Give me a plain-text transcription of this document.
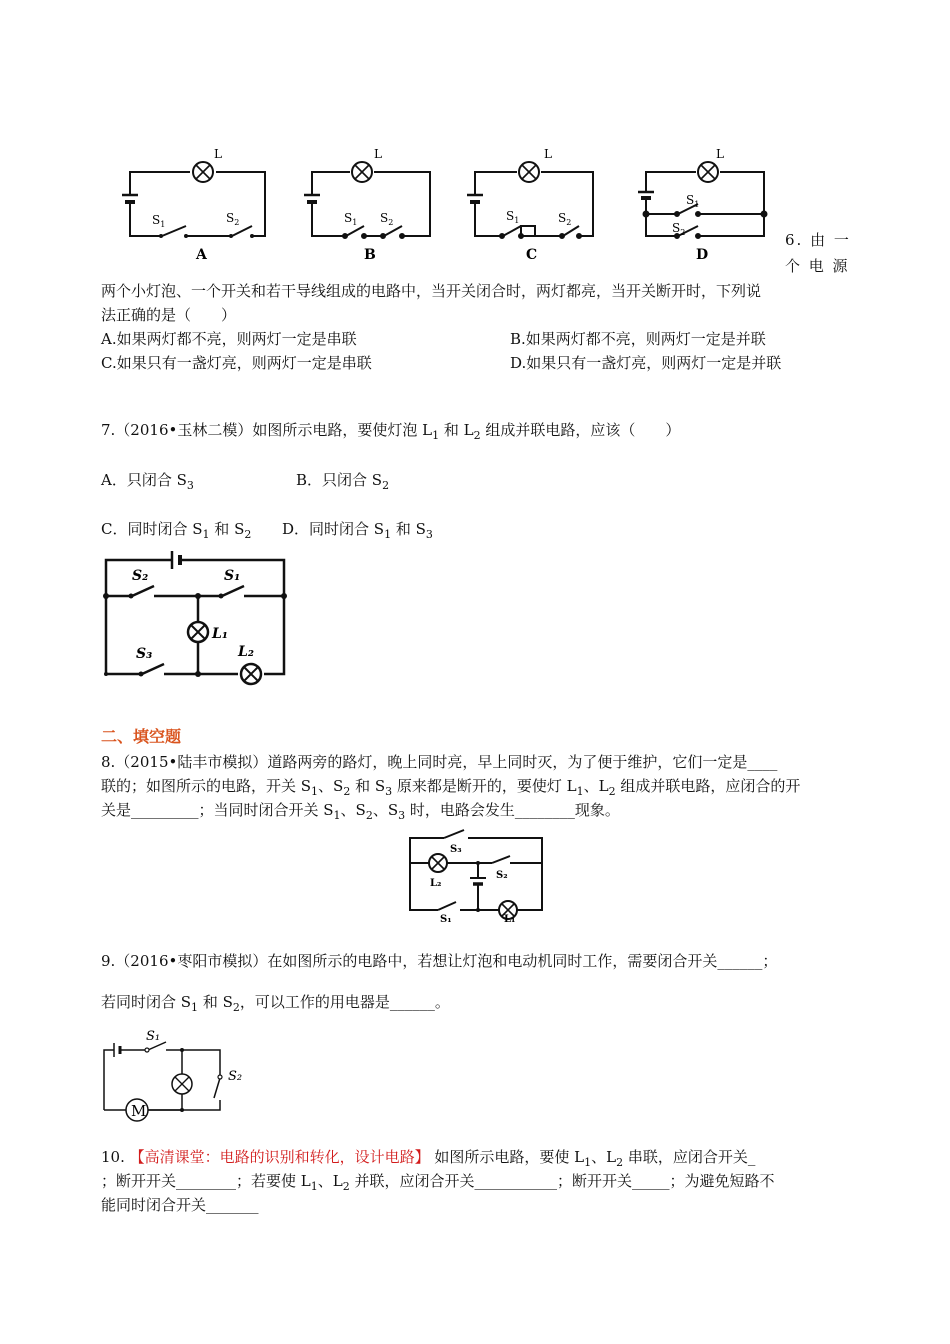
L
$S_1$	$S_2$
A
L
$S_1$ $S_2$
B
L
$S_1$	$S_2$
C
L
$S_1$
$S_2$
D
6. 由 一
个 电 源
两个小灯泡、一个开关和若干导线组成的电路中，当开关闭合时，两灯都亮，当开关断开时，下列说
法正确的是（　　）
A.如果两灯都不亮，则两灯一定是串联	B.如果两灯都不亮，则两灯一定是并联
C.如果只有一盏灯亮，则两灯一定是串联	D.如果只有一盏灯亮，则两灯一定是并联
7.（2016•玉林二模）如图所示电路，要使灯泡 $L_1$ 和 $L_2$ 组成并联电路，应该（　　）
A．只闭合 $S_3$	B．只闭合 $S_2$
C．同时闭合 $S_1$ 和 $S_2$ D．同时闭合 $S_1$ 和 $S_3$
S₂	S₁
L₁
S₃	L₂
二、填空题
8.（2015•陆丰市模拟）道路两旁的路灯，晚上同时亮，早上同时灭，为了便于维护，它们一定是____
联的；如图所示的电路，开关 $S_1$、$S_2$ 和 $S_3$ 原来都是断开的，要使灯 $L_1$、$L_2$ 组成并联电路，应闭合的开
关是_________；当同时闭合开关 $S_1$、$S_2$、$S_3$ 时，电路会发生________现象。
S₃
L₂
S₂
S₁	L₁
9.（2016•枣阳市模拟）在如图所示的电路中，若想让灯泡和电动机同时工作，需要闭合开关______；
若同时闭合 $S_1$ 和 $S_2$，可以工作的用电器是______。
M
S₁
S₂
10. 【高清课堂：电路的识别和转化，设计电路】 如图所示电路，要使 $L_1$、$L_2$ 串联，应闭合开关_
；断开开关________；若要使 $L_1$、$L_2$ 并联，应闭合开关___________；断开开关_____；为避免短路不
能同时闭合开关_______
